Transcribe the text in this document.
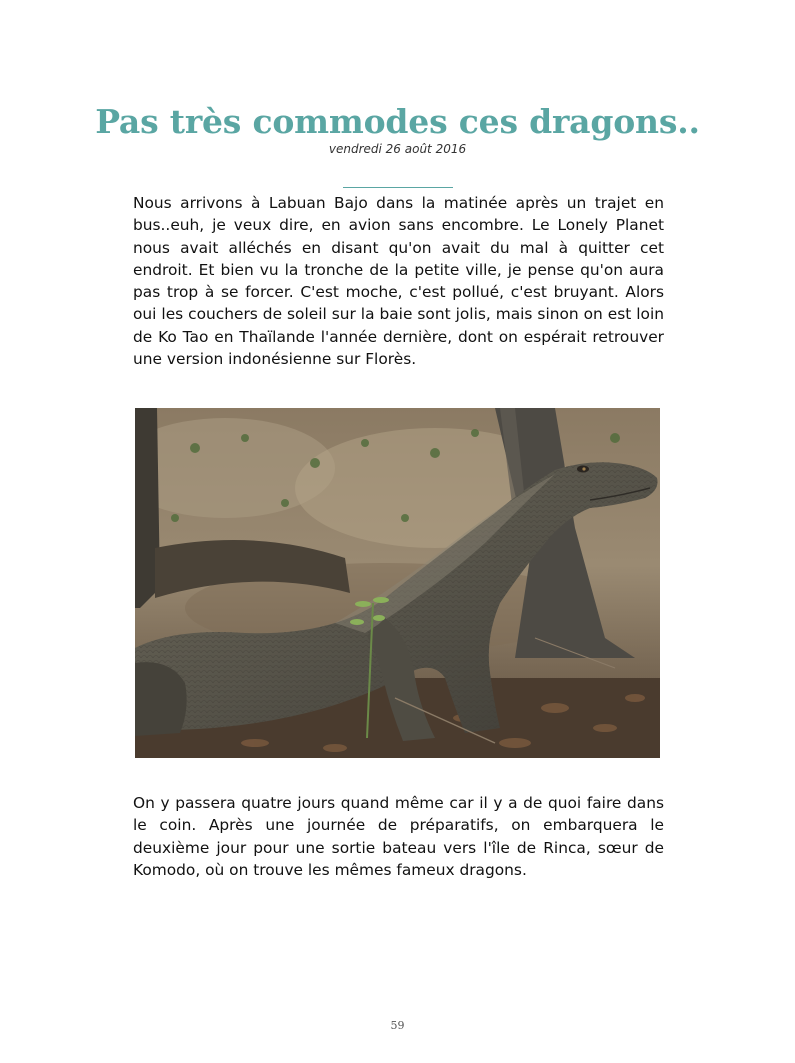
Pas très commodes ces dragons..
vendredi 26 août 2016

Nous arrivons à Labuan Bajo dans la matinée après un trajet en bus..euh, je veux dire, en avion sans encombre. Le Lonely Planet nous avait alléchés en disant qu'on avait du mal à quitter cet endroit. Et bien vu la tronche de la petite ville, je pense qu'on aura pas trop à se forcer. C'est moche, c'est pollué, c'est bruyant. Alors oui les couchers de soleil sur la baie sont jolis, mais sinon on est loin de Ko Tao en Thaïlande l'année dernière, dont on espérait retrouver une version indonésienne sur Florès.

On y passera quatre jours quand même car il y a de quoi faire dans le coin. Après une journée de préparatifs, on embarquera le deuxième jour pour une sortie bateau vers l'île de Rinca, sœur de Komodo, où on trouve les mêmes fameux dragons.

59
